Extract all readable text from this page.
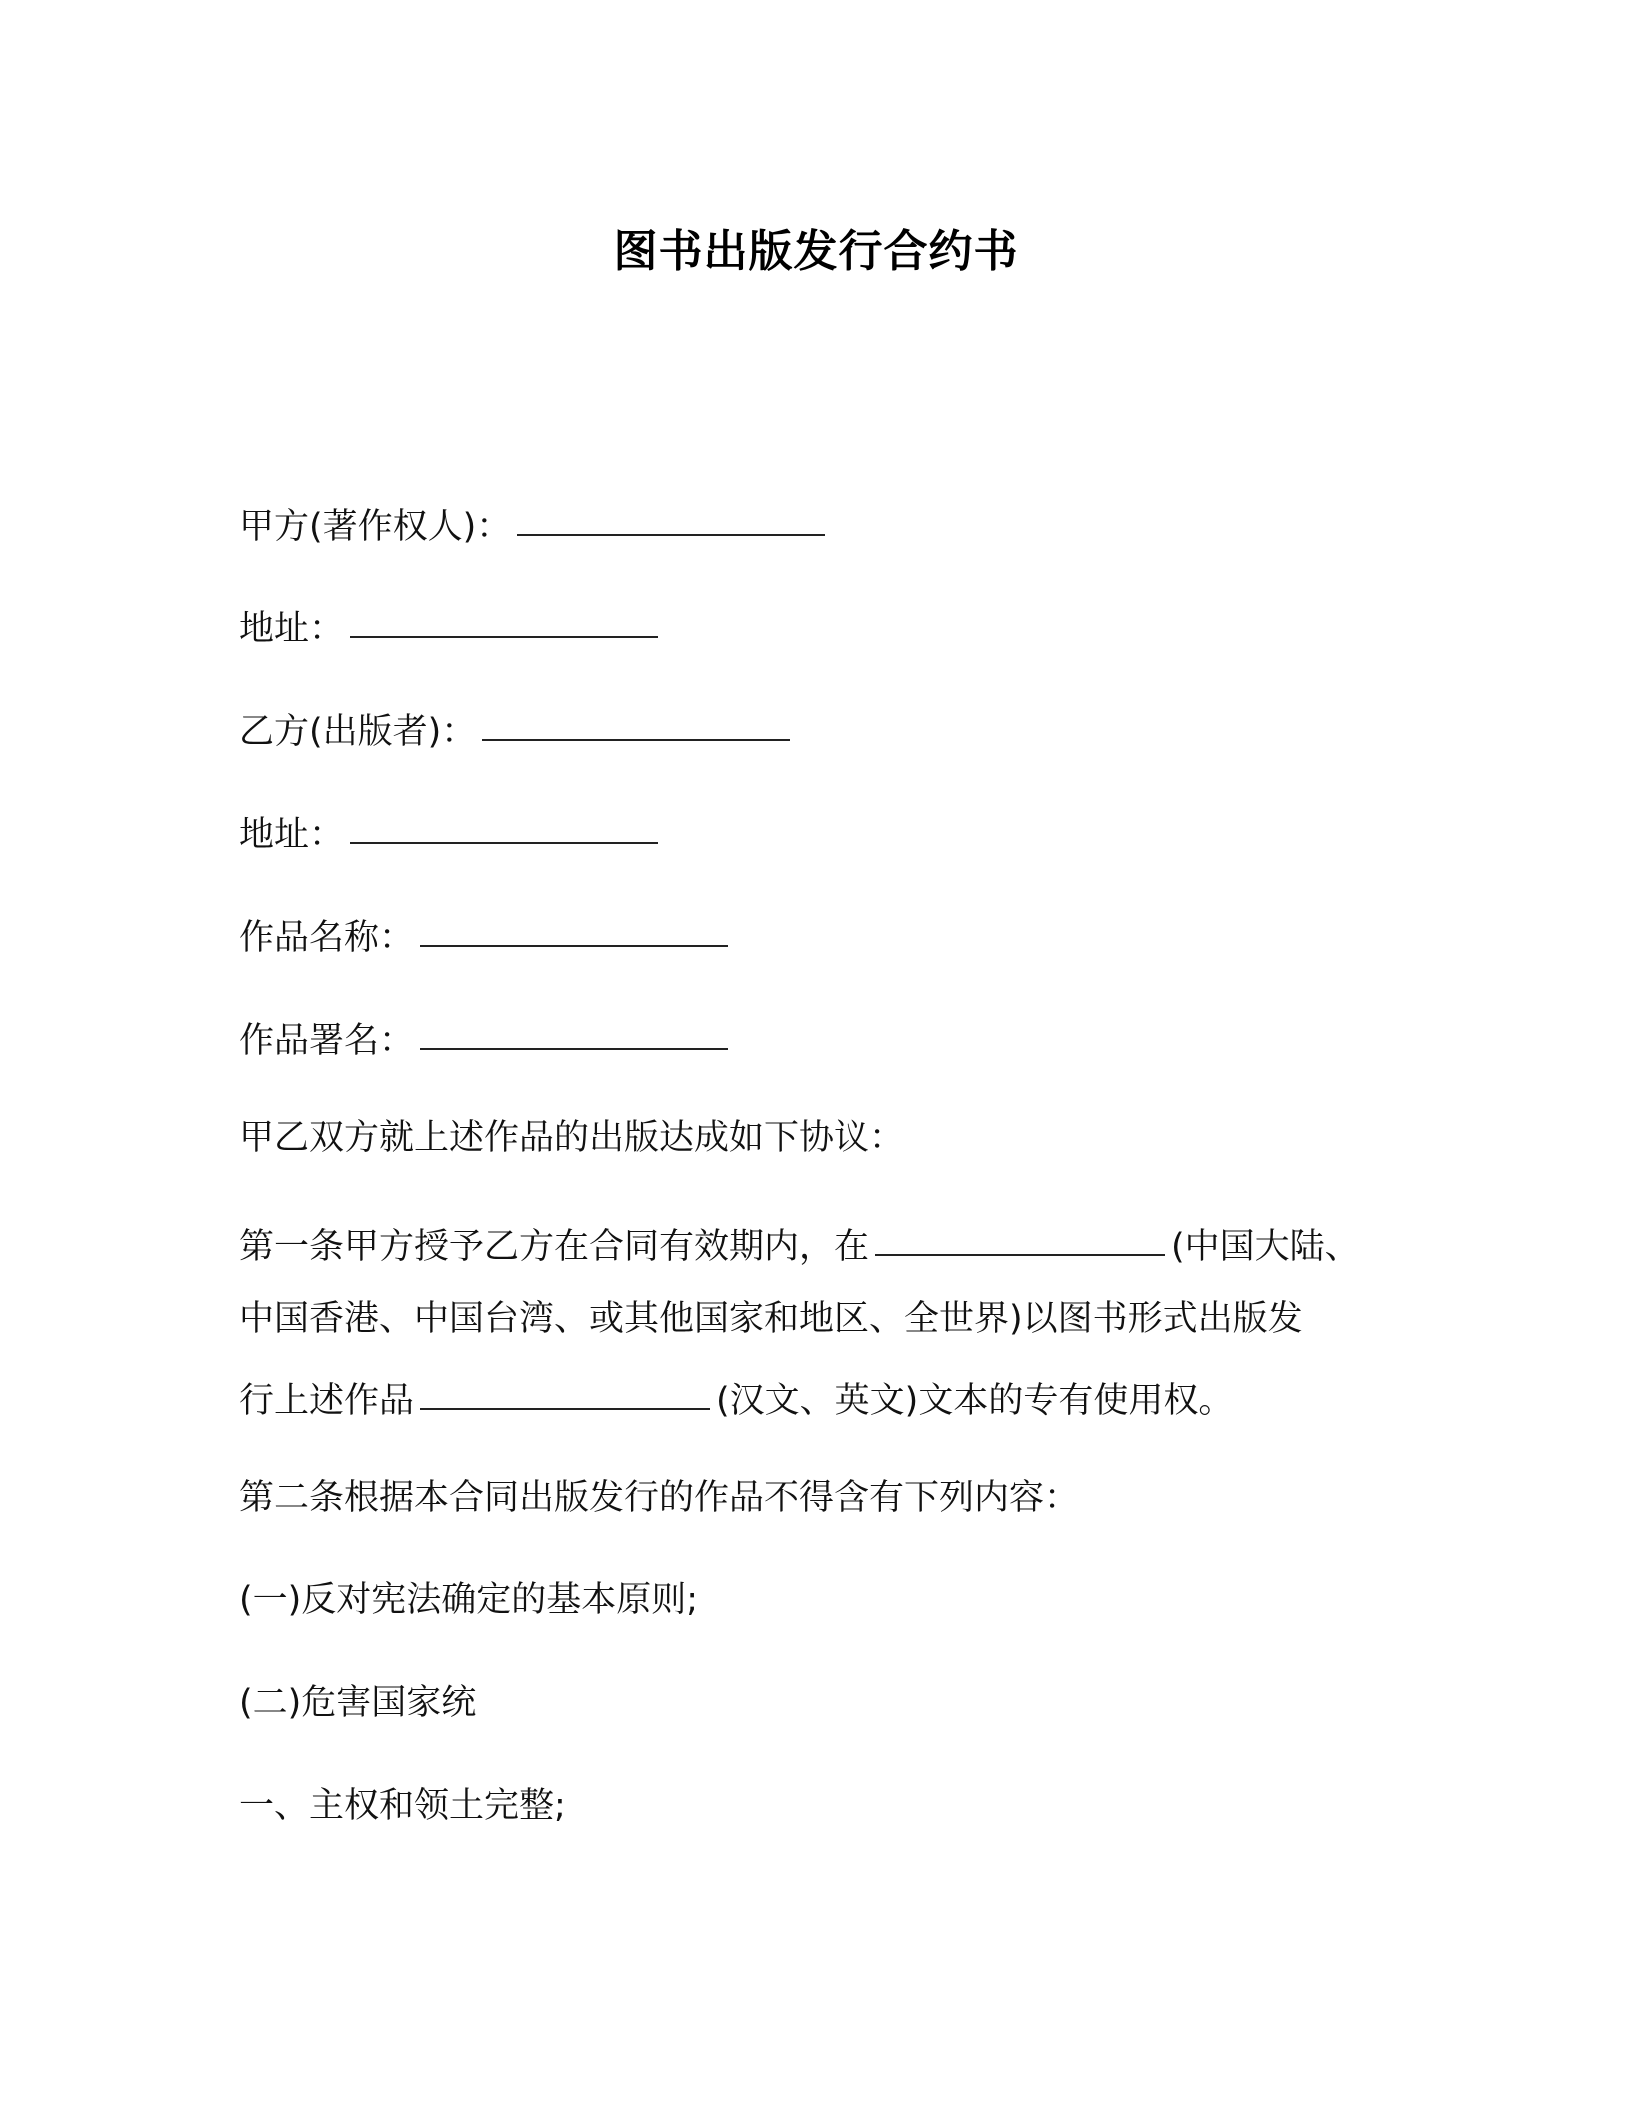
图书出版发行合约书
甲方(著作权人)：
地址：
乙方(出版者)：
地址：
作品名称：
作品署名：
甲乙双方就上述作品的出版达成如下协议：
第一条甲方授予乙方在合同有效期内，在	(中国大陆、
中国香港、中国台湾、或其他国家和地区、全世界)以图书形式出版发
行上述作品	(汉文、英文)文本的专有使用权。
第二条根据本合同出版发行的作品不得含有下列内容：
(一)反对宪法确定的基本原则;
(二)危害国家统
一、主权和领土完整;
